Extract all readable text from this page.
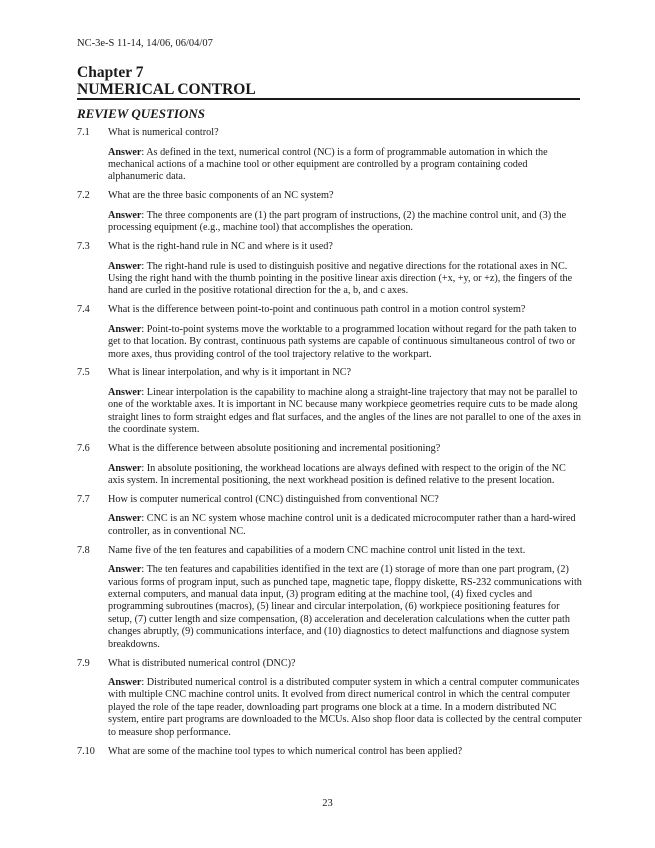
NC-3e-S 11-14, 14/06, 06/04/07
Chapter 7
NUMERICAL CONTROL
REVIEW QUESTIONS
7.1	What is numerical control?
Answer: As defined in the text, numerical control (NC) is a form of programmable automation in which the mechanical actions of a machine tool or other equipment are controlled by a program containing coded alphanumeric data.
7.2	What are the three basic components of an NC system?
Answer: The three components are (1) the part program of instructions, (2) the machine control unit, and (3) the processing equipment (e.g., machine tool) that accomplishes the operation.
7.3	What is the right-hand rule in NC and where is it used?
Answer: The right-hand rule is used to distinguish positive and negative directions for the rotational axes in NC. Using the right hand with the thumb pointing in the positive linear axis direction (+x, +y, or +z), the fingers of the hand are curled in the positive rotational direction for the a, b, and c axes.
7.4	What is the difference between point-to-point and continuous path control in a motion control system?
Answer: Point-to-point systems move the worktable to a programmed location without regard for the path taken to get to that location. By contrast, continuous path systems are capable of continuous simultaneous control of two or more axes, thus providing control of the tool trajectory relative to the workpart.
7.5	What is linear interpolation, and why is it important in NC?
Answer: Linear interpolation is the capability to machine along a straight-line trajectory that may not be parallel to one of the worktable axes. It is important in NC because many workpiece geometries require cuts to be made along straight lines to form straight edges and flat surfaces, and the angles of the lines are not parallel to one of the axes in the coordinate system.
7.6	What is the difference between absolute positioning and incremental positioning?
Answer: In absolute positioning, the workhead locations are always defined with respect to the origin of the NC axis system. In incremental positioning, the next workhead position is defined relative to the present location.
7.7	How is computer numerical control (CNC) distinguished from conventional NC?
Answer: CNC is an NC system whose machine control unit is a dedicated microcomputer rather than a hard-wired controller, as in conventional NC.
7.8	Name five of the ten features and capabilities of a modern CNC machine control unit listed in the text.
Answer: The ten features and capabilities identified in the text are (1) storage of more than one part program, (2) various forms of program input, such as punched tape, magnetic tape, floppy diskette, RS-232 communications with external computers, and manual data input, (3) program editing at the machine tool, (4) fixed cycles and programming subroutines (macros), (5) linear and circular interpolation, (6) workpiece positioning features for setup, (7) cutter length and size compensation, (8) acceleration and deceleration calculations when the cutter path changes abruptly, (9) communications interface, and (10) diagnostics to detect malfunctions and diagnose system breakdowns.
7.9	What is distributed numerical control (DNC)?
Answer: Distributed numerical control is a distributed computer system in which a central computer communicates with multiple CNC machine control units. It evolved from direct numerical control in which the central computer played the role of the tape reader, downloading part programs one block at a time. In a modern distributed NC system, entire part programs are downloaded to the MCUs. Also shop floor data is collected by the central computer to measure shop performance.
7.10	What are some of the machine tool types to which numerical control has been applied?
23
